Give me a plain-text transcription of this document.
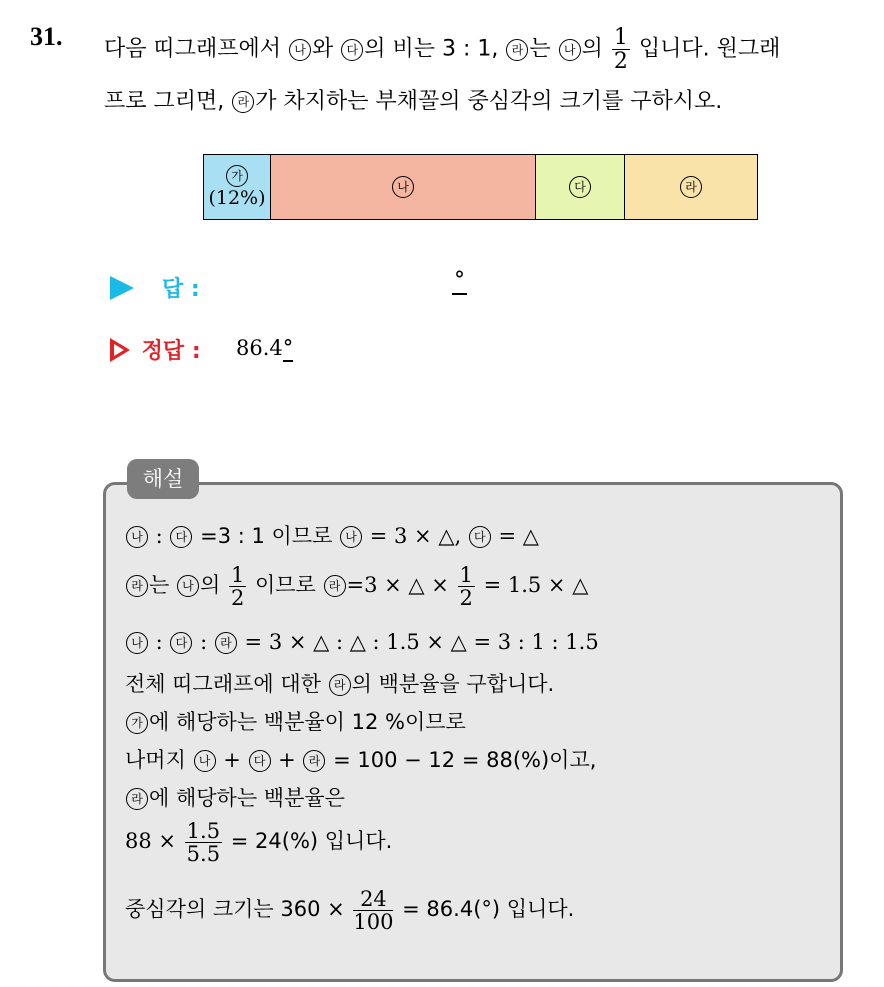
31. 다음 띠그래프에서 나 와 다 의 비는 3 : 1, 라 는 나 의 $\frac{1}{2}$ 입니다. 원그래
프로 그리면, 라 가 차지하는 부채꼴의 중심각의 크기를 구하시오.
가
(12%)	나	다	라
답 :	°
정답 : 86.4°
해설
나 : 다 =3 : 1 이므로 나 = 3 × △, 다 = △
라 는 나 의 $\frac{1}{2}$ 이므로 라 =3 × △ × $\frac{1}{2} = 1.5$ × △
나 : 다 : 라 = 3 × △ : △ : 1.5 × △ = 3 : 1 : 1.5
전체 띠그래프에 대한 라 의 백분율을 구합니다.
가 에 해당하는 백분율이 12 %이므로
나머지 나 + 다 + 라 = 100 − 12 = 88(%)이고,
라 에 해당하는 백분율은
$88 \times \frac{1.5}{5.5} = 24(\%)$ 입니다.
중심각의 크기는 $360 \times \frac{24}{100} = 86.4(^\circ)$ 입니다.
